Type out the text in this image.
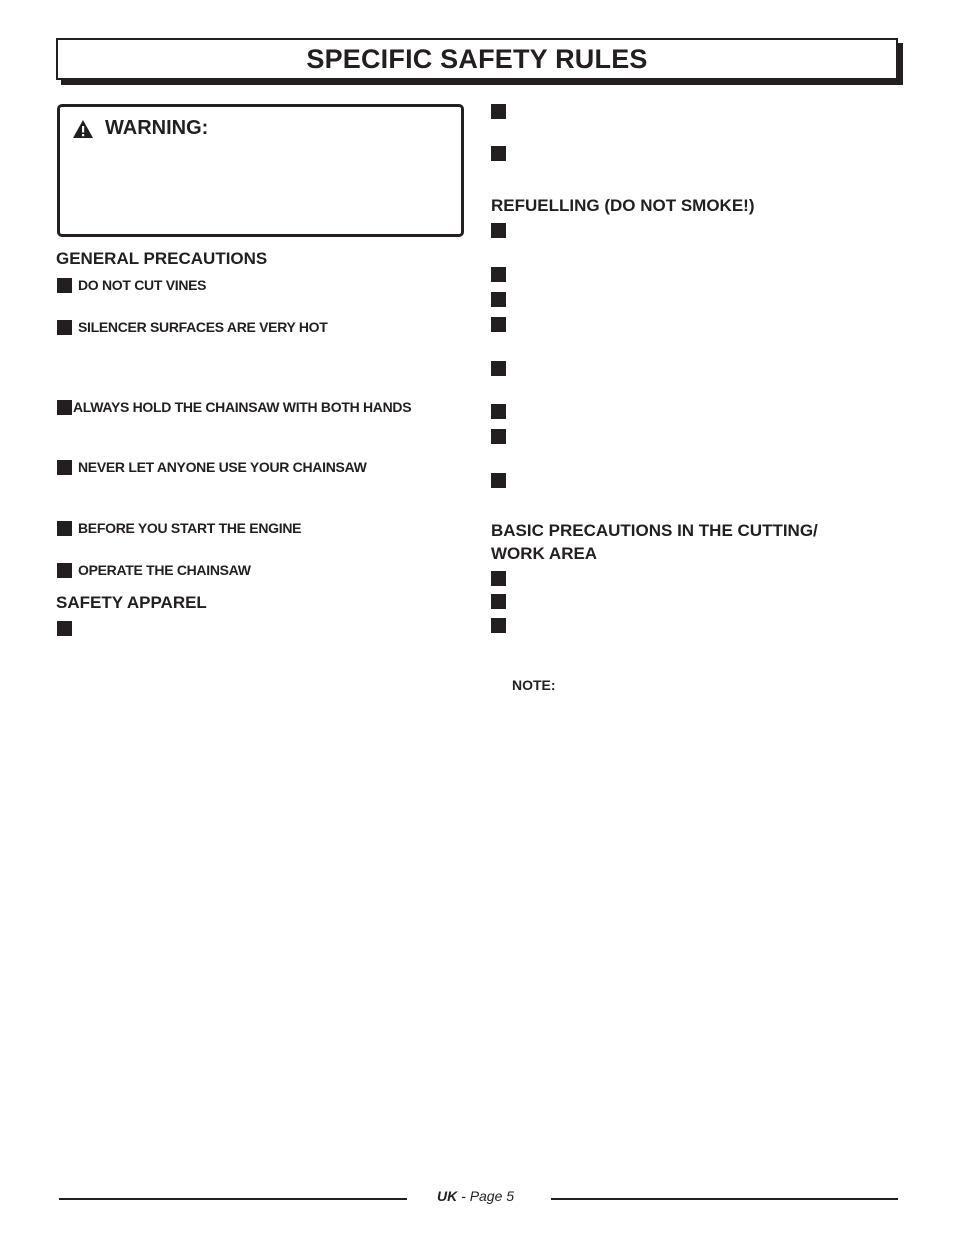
SPECIFIC SAFETY RULES
WARNING:
GENERAL PRECAUTIONS
DO NOT CUT VINES
SILENCER SURFACES ARE VERY HOT
ALWAYS HOLD THE CHAINSAW WITH BOTH HANDS
NEVER LET ANYONE USE YOUR CHAINSAW
BEFORE YOU START THE ENGINE
OPERATE THE CHAINSAW
SAFETY APPAREL
REFUELLING (DO NOT SMOKE!)
BASIC PRECAUTIONS IN THE CUTTING/
WORK AREA
NOTE:
UK - Page 5
